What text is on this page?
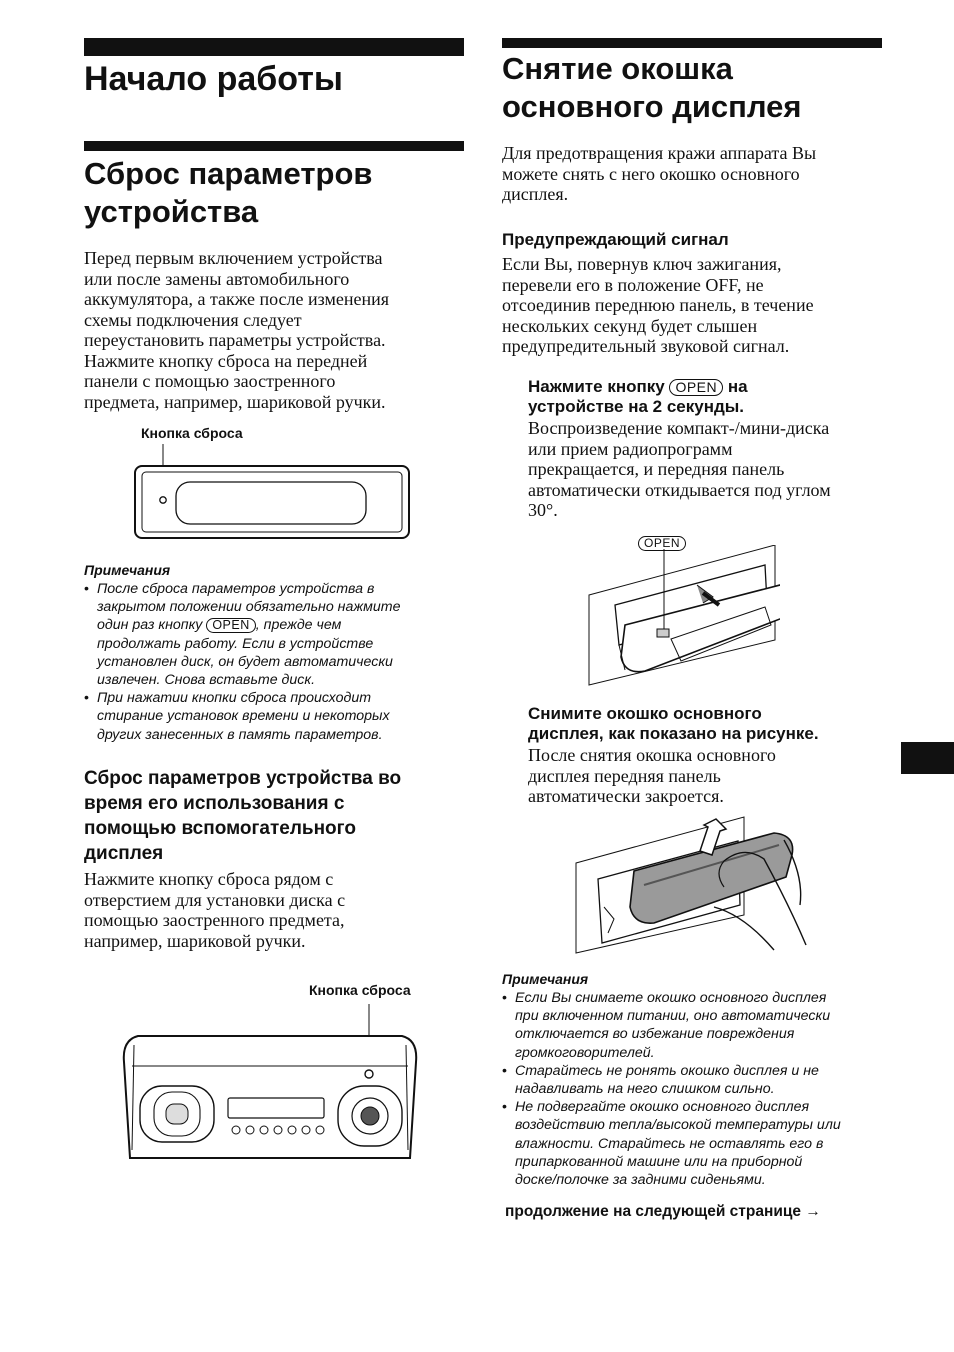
Начало работы
Сброс параметров
устройства
Перед первым включением устройства
или после замены автомобильного
аккумулятора, а также после изменения
схемы подключения следует
переустановить параметры устройства.
Нажмите кнопку сброса на передней
панели с помощью заостренного
предмета, например, шариковой ручки.
Кнопка сброса
Примечания
• После сброса параметров устройства в
закрытом положении обязательно нажмите
один раз кнопку OPEN , прежде чем
продолжать работу. Если в устройстве
установлен диск, он будет автоматически
извлечен. Снова вставьте диск.
• При нажатии кнопки сброса происходит
стирание установок времени и некоторых
других занесенных в память параметров.
Сброс параметров устройства во
время его использования с
помощью вспомогательного
дисплея
Нажмите кнопку сброса рядом с
отверстием для установки диска с
помощью заостренного предмета,
например, шариковой ручки.
Кнопка сброса
Снятие окошка
основного дисплея
Для предотвращения кражи аппарата Вы
можете снять с него окошко основного
дисплея.
Предупреждающий сигнал
Если Вы, повернув ключ зажигания,
перевели его в положение OFF, не
отсоединив переднюю панель, в течение
нескольких секунд будет слышен
предупредительный звуковой сигнал.
Нажмите кнопку OPEN на
устройстве на 2 секунды.
Воспроизведение компакт-/мини-диска
или прием радиопрограмм
прекращается, и передняя панель
автоматически откидывается под углом
30°.
OPEN
Снимите окошко основного
дисплея, как показано на рисунке.
После снятия окошка основного
дисплея передняя панель
автоматически закроется.
Примечания
• Если Вы снимаете окошко основного дисплея
при включенном питании, оно автоматически
отключается во избежание повреждения
громкоговорителей.
• Старайтесь не ронять окошко дисплея и не
надавливать на него слишком сильно.
• Не подвергайте окошко основного дисплея
воздействию тепла/высокой температуры или
влажности. Старайтесь не оставлять его в
припаркованной машине или на приборной
доске/полочке за задними сиденьями.
продолжение на следующей странице →
